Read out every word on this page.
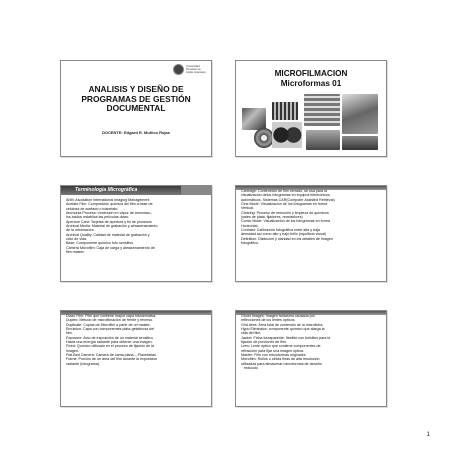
Universidad
Peruana Los
Andes Huancayo
ANALISIS Y DISEÑO DE
PROGRAMAS DE GESTIÓN
DOCUMENTAL
DOCENTE: Edgard R. Muñico Rojas
MICROFILMACION
Microformas 01
Terminología Micrográfica

AIIM: Asociation International Imaging Management

Acetate Film: Composición química del film a base de

celulosa de acetado o triacetato.

Ammonia Process: Inmersión en vapor de amoniaco,

los acidos establiza las películas diazo.

Aperture Card: Tarjetas de apertura y fin de procesos

Archival Media: Material de grabación y almacenamiento

de la información.

Archival Quality: Calidad de material de grabación y

ciclo de vida.

Base: Componente químico foto sensitivo

Camera Microfilm: Caja de carga y almacenamiento de

film master.

Cartridge: Contenedor de film cerrado, se usa para la

visualización delos fotogramas en equipos electrónicos

automáticos. Sistemas CAR(Computer Assisted Retrieval)

Cine Mode: Visualización de los fotogramas en forma

Vertical.

Clearing: Proceso de remoción y limpieza de químicos

(sales de plata, fijadores, reveladores)

Comic Mode: Visualización de los fotogramas en forma

Horizontal.

Contrast: Calibración fotográfica entre alta y baja

densidad así como alto y bajo brillo (equilibrio visual)

Definition: Distinción y claridad en los detalles de imagen

fotográfico.

Diazo Film: Film que contiene mayor capa fotosensitiva.

Duplex: Método de microfilmación de frente y reverso.

Duplicate: Copias de Microfilm a partir de un master.

Emulsion: Capa con componentes plata-gelatinosa del

film.

Exposure: Acto de exposición de un material sensitivo

Hacia una energía radiante para obtener una imagen.

Fixed: Químico utilizado en el proceso de fijación de la

imagen.

Flat-Bed Camera: Cámara de cama plana – Planetarias.

Frame: Porción de un área del film durante la exposición

radiante (fotograma).

Ghost Images: Imagen fantasma causada por

reflecciones de los lentes ópticos.

Grid Area: Área total de contenido de la microficha.

Hypo Eliminator: componente químico que alarga la

vida del film.

Jacket: Ficha transparente, flexible con bolsillos para la

fijación de porciones de film.

Lens: Lente óptico que contiene componentes de

refracción para fijar una imagen óptica.

Master: Film con microformas originales

Microfilm: Rollos o cintas finas de alta resolución

utilizadas para almacenar microformas de tamaño

reducido

1
